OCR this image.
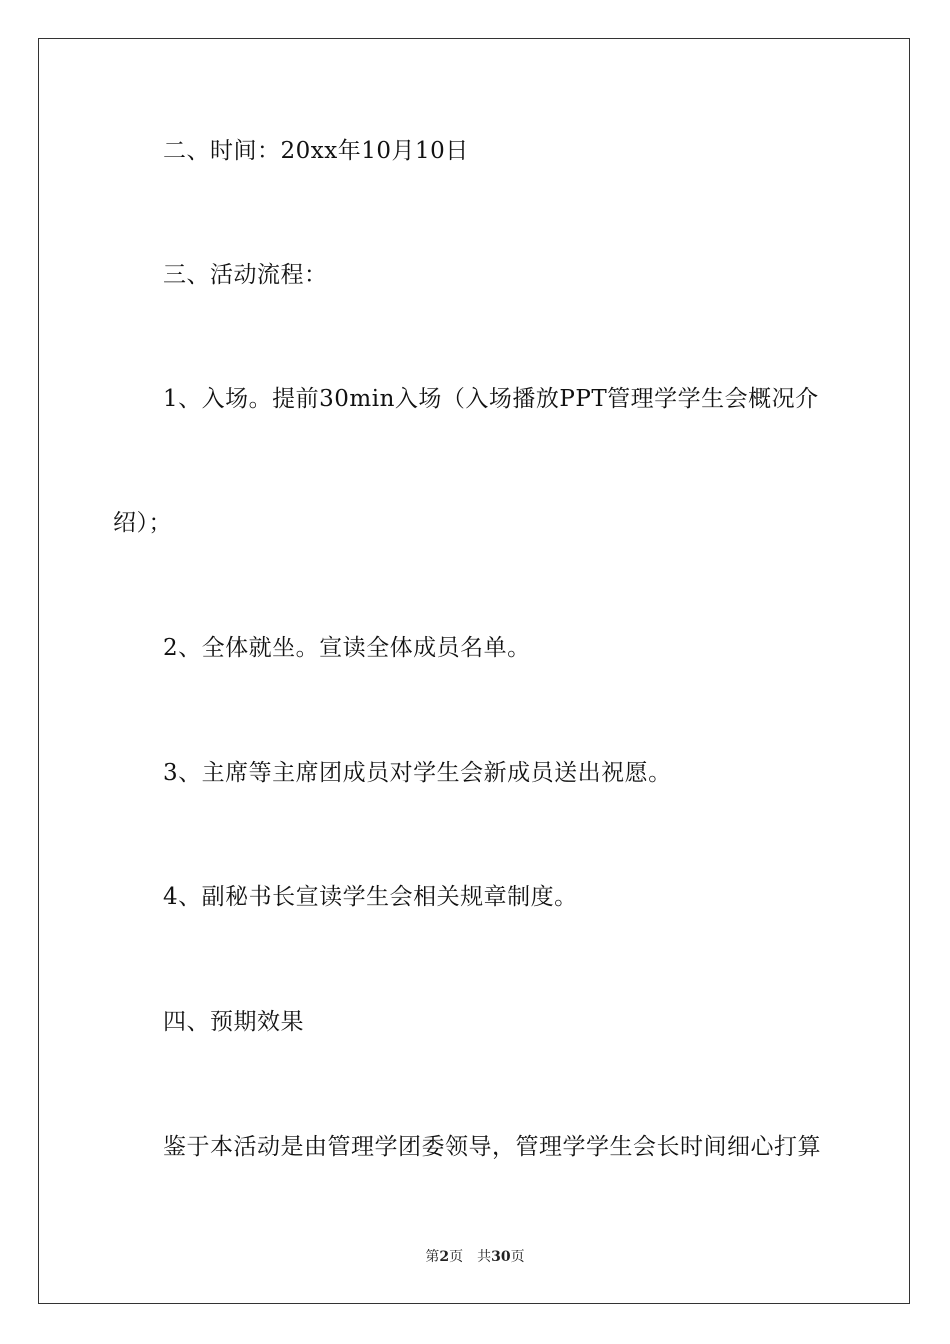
二、时间：20xx年10月10日
三、活动流程：
1、入场。提前30min入场（入场播放PPT管理学学生会概况介
绍）；
2、全体就坐。宣读全体成员名单。
3、主席等主席团成员对学生会新成员送出祝愿。
4、副秘书长宣读学生会相关规章制度。
四、预期效果
鉴于本活动是由管理学团委领导，管理学学生会长时间细心打算
第2页 共30页
